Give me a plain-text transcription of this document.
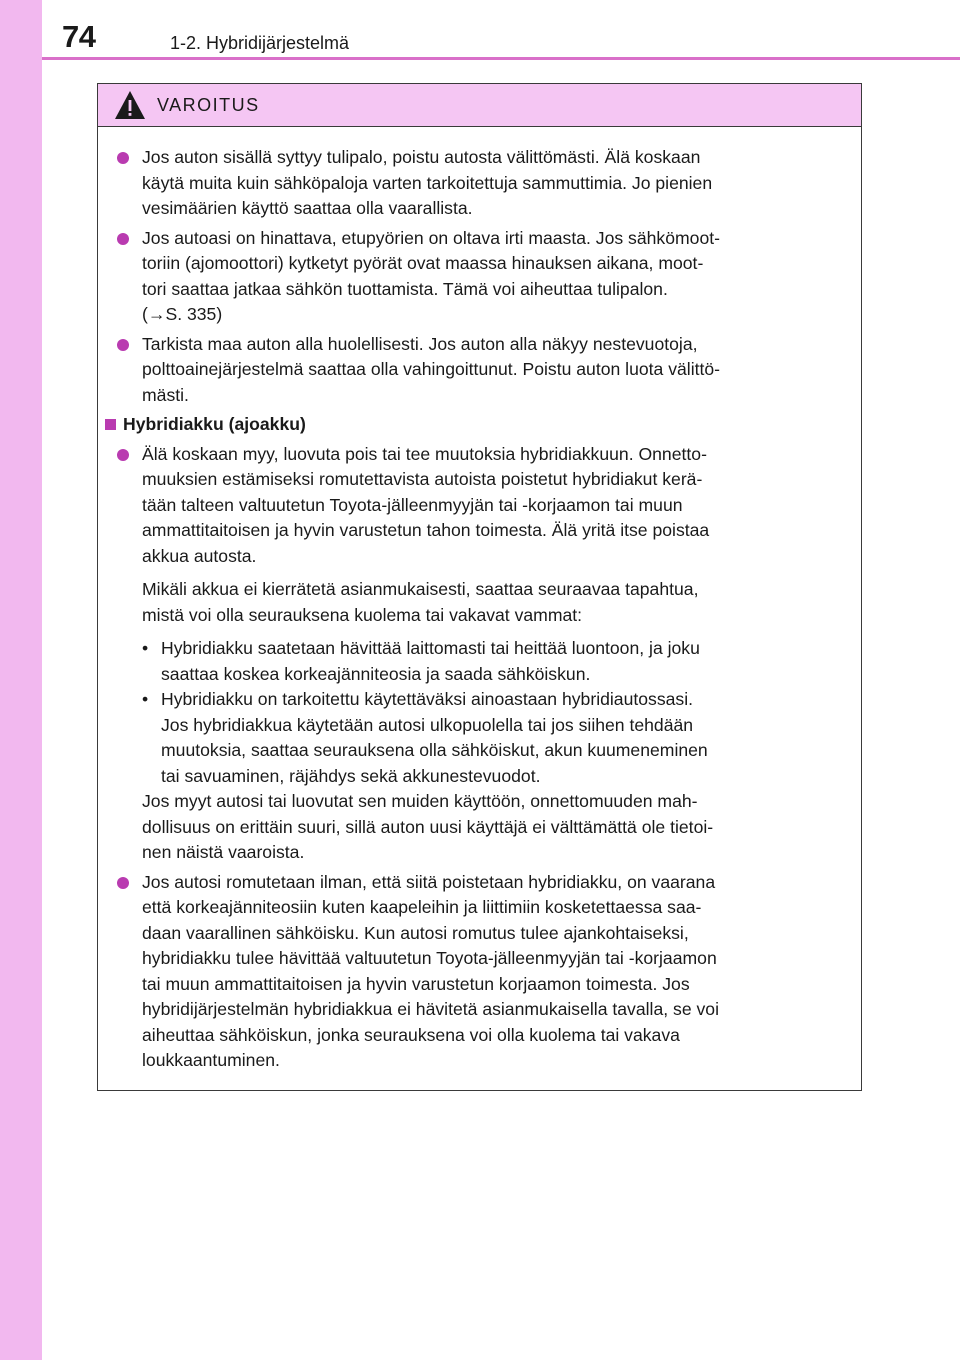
74	1-2. Hybridijärjestelmä
VAROITUS
Jos auton sisällä syttyy tulipalo, poistu autosta välittömästi. Älä koskaan
käytä muita kuin sähköpaloja varten tarkoitettuja sammuttimia. Jo pienien
vesimäärien käyttö saattaa olla vaarallista.
Jos autoasi on hinattava, etupyörien on oltava irti maasta. Jos sähkömoot-
toriin (ajomoottori) kytketyt pyörät ovat maassa hinauksen aikana, moot-
tori saattaa jatkaa sähkön tuottamista. Tämä voi aiheuttaa tulipalon.
(→S. 335)
Tarkista maa auton alla huolellisesti. Jos auton alla näkyy nestevuotoja,
polttoainejärjestelmä saattaa olla vahingoittunut. Poistu auton luota välittö-
mästi.
Hybridiakku (ajoakku)
Älä koskaan myy, luovuta pois tai tee muutoksia hybridiakkuun. Onnetto-
muuksien estämiseksi romutettavista autoista poistetut hybridiakut kerä-
tään talteen valtuutetun Toyota-jälleenmyyjän tai -korjaamon tai muun
ammattitaitoisen ja hyvin varustetun tahon toimesta. Älä yritä itse poistaa
akkua autosta.
Mikäli akkua ei kierrätetä asianmukaisesti, saattaa seuraavaa tapahtua,
mistä voi olla seurauksena kuolema tai vakavat vammat:
• Hybridiakku saatetaan hävittää laittomasti tai heittää luontoon, ja joku
saattaa koskea korkeajänniteosia ja saada sähköiskun.
• Hybridiakku on tarkoitettu käytettäväksi ainoastaan hybridiautossasi.
Jos hybridiakkua käytetään autosi ulkopuolella tai jos siihen tehdään
muutoksia, saattaa seurauksena olla sähköiskut, akun kuumeneminen
tai savuaminen, räjähdys sekä akkunestevuodot.
Jos myyt autosi tai luovutat sen muiden käyttöön, onnettomuuden mah-
dollisuus on erittäin suuri, sillä auton uusi käyttäjä ei välttämättä ole tietoi-
nen näistä vaaroista.
Jos autosi romutetaan ilman, että siitä poistetaan hybridiakku, on vaarana
että korkeajänniteosiin kuten kaapeleihin ja liittimiin kosketettaessa saa-
daan vaarallinen sähköisku. Kun autosi romutus tulee ajankohtaiseksi,
hybridiakku tulee hävittää valtuutetun Toyota-jälleenmyyjän tai -korjaamon
tai muun ammattitaitoisen ja hyvin varustetun korjaamon toimesta. Jos
hybridijärjestelmän hybridiakkua ei hävitetä asianmukaisella tavalla, se voi
aiheuttaa sähköiskun, jonka seurauksena voi olla kuolema tai vakava
loukkaantuminen.
